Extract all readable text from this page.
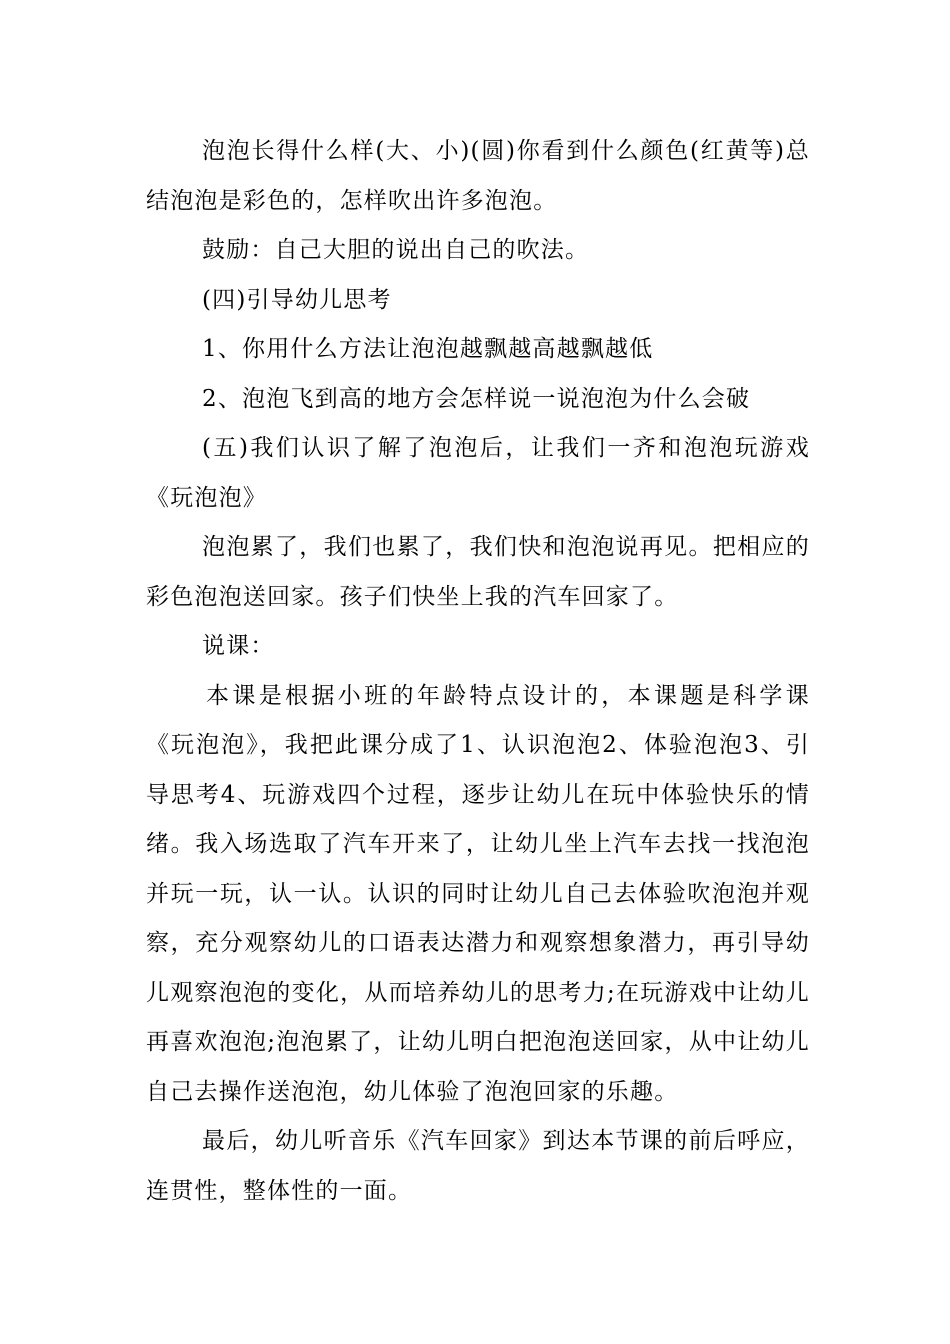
泡泡长得什么样(大、小)(圆)你看到什么颜色(红黄等)总结泡泡是彩色的，怎样吹出许多泡泡。

鼓励：自己大胆的说出自己的吹法。

(四)引导幼儿思考

1、你用什么方法让泡泡越飘越高越飘越低

2、泡泡飞到高的地方会怎样说一说泡泡为什么会破

(五)我们认识了解了泡泡后，让我们一齐和泡泡玩游戏《玩泡泡》

泡泡累了，我们也累了，我们快和泡泡说再见。把相应的彩色泡泡送回家。孩子们快坐上我的汽车回家了。

说课：

本课是根据小班的年龄特点设计的，本课题是科学课《玩泡泡》，我把此课分成了1、认识泡泡2、体验泡泡3、引导思考4、玩游戏四个过程，逐步让幼儿在玩中体验快乐的情绪。我入场选取了汽车开来了，让幼儿坐上汽车去找一找泡泡并玩一玩，认一认。认识的同时让幼儿自己去体验吹泡泡并观察，充分观察幼儿的口语表达潜力和观察想象潜力，再引导幼儿观察泡泡的变化，从而培养幼儿的思考力;在玩游戏中让幼儿再喜欢泡泡;泡泡累了，让幼儿明白把泡泡送回家，从中让幼儿自己去操作送泡泡，幼儿体验了泡泡回家的乐趣。

最后，幼儿听音乐《汽车回家》到达本节课的前后呼应，连贯性，整体性的一面。
